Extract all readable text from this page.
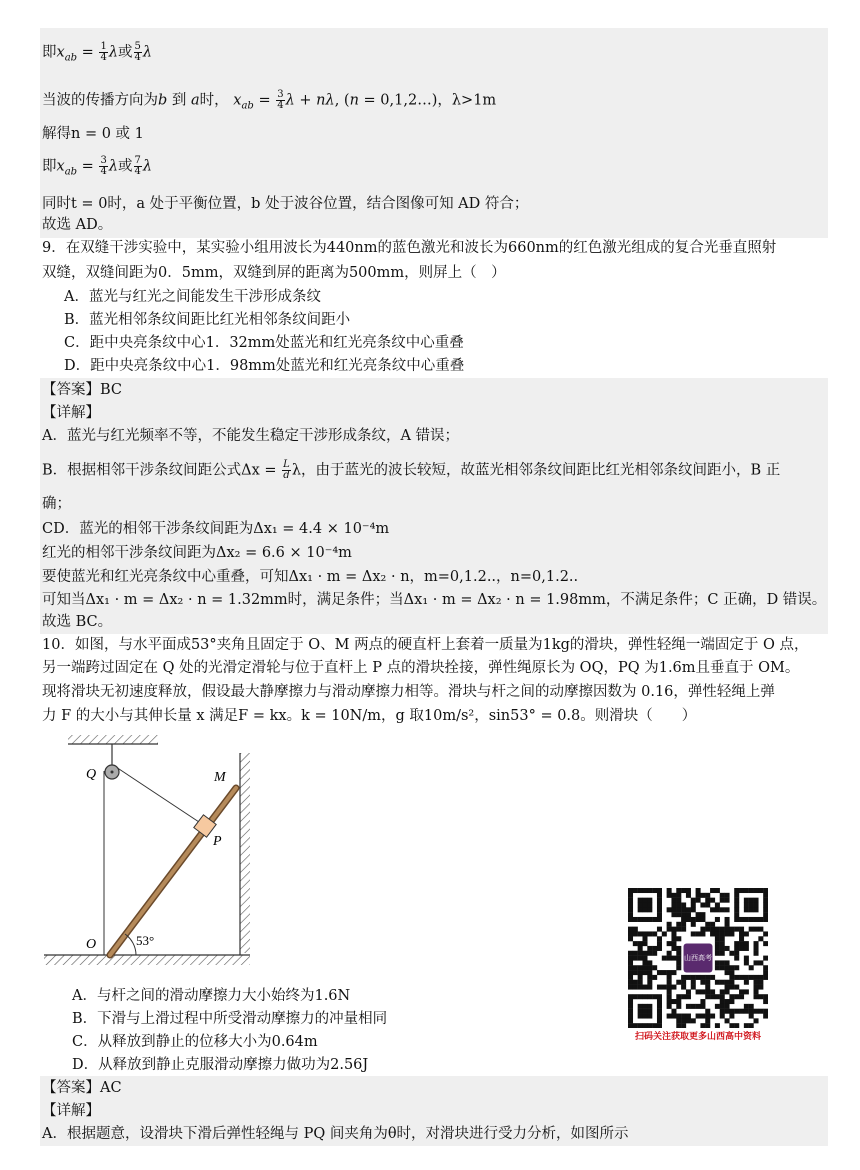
即$x_{ab} = \frac{1}{4}$ λ或 $\frac{5}{4}$ λ
当波的传播方向为b 到 a时， $x_{ab} = \frac{3}{4}$ λ + nλ, (n = 0,1,2…)，λ>1m
解得n = 0 或 1
即$x_{ab} = \frac{3}{4}$ λ或 $\frac{7}{4}$ λ
同时t = 0时，a 处于平衡位置，b 处于波谷位置，结合图像可知 AD 符合；
故选 AD。
9．在双缝干涉实验中，某实验小组用波长为440nm的蓝色激光和波长为660nm的红色激光组成的复合光垂直照射
双缝，双缝间距为0．5mm，双缝到屏的距离为500mm，则屏上（　）
A．蓝光与红光之间能发生干涉形成条纹
B．蓝光相邻条纹间距比红光相邻条纹间距小
C．距中央亮条纹中心1．32mm处蓝光和红光亮条纹中心重叠
D．距中央亮条纹中心1．98mm处蓝光和红光亮条纹中心重叠
【答案】BC
【详解】
A．蓝光与红光频率不等，不能发生稳定干涉形成条纹，A 错误；
B．根据相邻干涉条纹间距公式$\Delta x = \frac{L}{d}$ λ，由于蓝光的波长较短，故蓝光相邻条纹间距比红光相邻条纹间距小，B 正
确；
CD．蓝光的相邻干涉条纹间距为Δx₁ = 4.4 × 10⁻⁴m
红光的相邻干涉条纹间距为Δx₂ = 6.6 × 10⁻⁴m
要使蓝光和红光亮条纹中心重叠，可知Δx₁ · m = Δx₂ · n，m=0,1.2..，n=0,1.2..
可知当Δx₁ · m = Δx₂ · n = 1.32mm时，满足条件；当Δx₁ · m = Δx₂ · n = 1.98mm，不满足条件；C 正确，D 错误。
故选 BC。
10．如图，与水平面成53°夹角且固定于 O、M 两点的硬直杆上套着一质量为1kg的滑块，弹性轻绳一端固定于 O 点，
另一端跨过固定在 Q 处的光滑定滑轮与位于直杆上 P 点的滑块拴接，弹性绳原长为 OQ，PQ 为1.6m且垂直于 OM。
现将滑块无初速度释放，假设最大静摩擦力与滑动摩擦力相等。滑块与杆之间的动摩擦因数为 0.16，弹性轻绳上弹
力 F 的大小与其伸长量 x 满足F = kx。k = 10N/m，g 取10m/s²，sin53° = 0.8。则滑块（　　）
Q	M
P
O	53°
山西高考
扫码关注获取更多山西高中资料
A．与杆之间的滑动摩擦力大小始终为1.6N
B．下滑与上滑过程中所受滑动摩擦力的冲量相同
C．从释放到静止的位移大小为0.64m
D．从释放到静止克服滑动摩擦力做功为2.56J
【答案】AC
【详解】
A．根据题意，设滑块下滑后弹性轻绳与 PQ 间夹角为θ时，对滑块进行受力分析，如图所示
